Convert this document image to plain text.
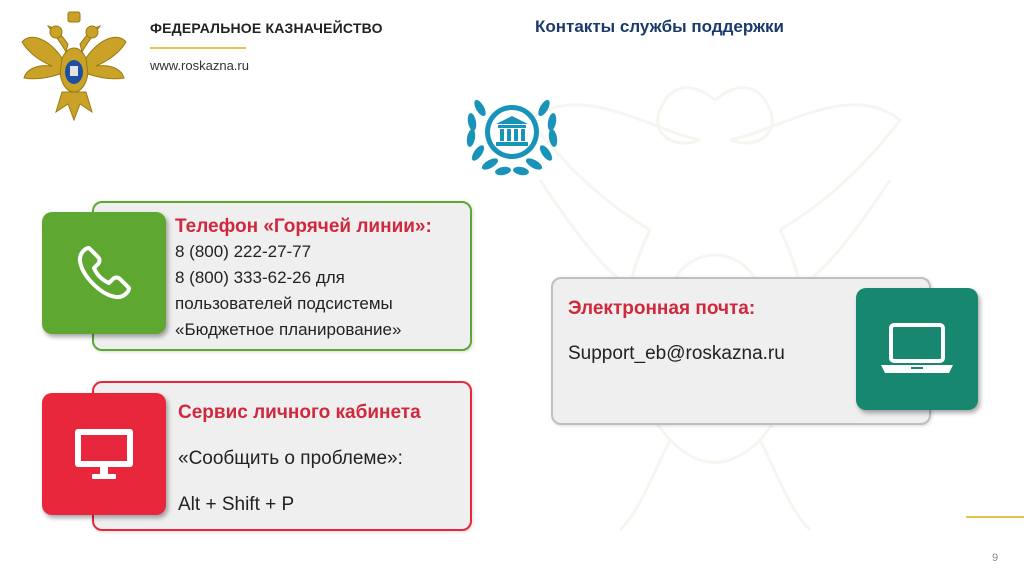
ФЕДЕРАЛЬНОЕ КАЗНАЧЕЙСТВО
www.roskazna.ru
Контакты службы поддержки
Телефон «Горячей линии»:
8 (800) 222-27-77
8 (800) 333-62-26 для
пользователей подсистемы
«Бюджетное планирование»
Сервис личного кабинета
«Сообщить о проблеме»:
Alt + Shift + P
Электронная почта:
Support_eb@roskazna.ru
9
